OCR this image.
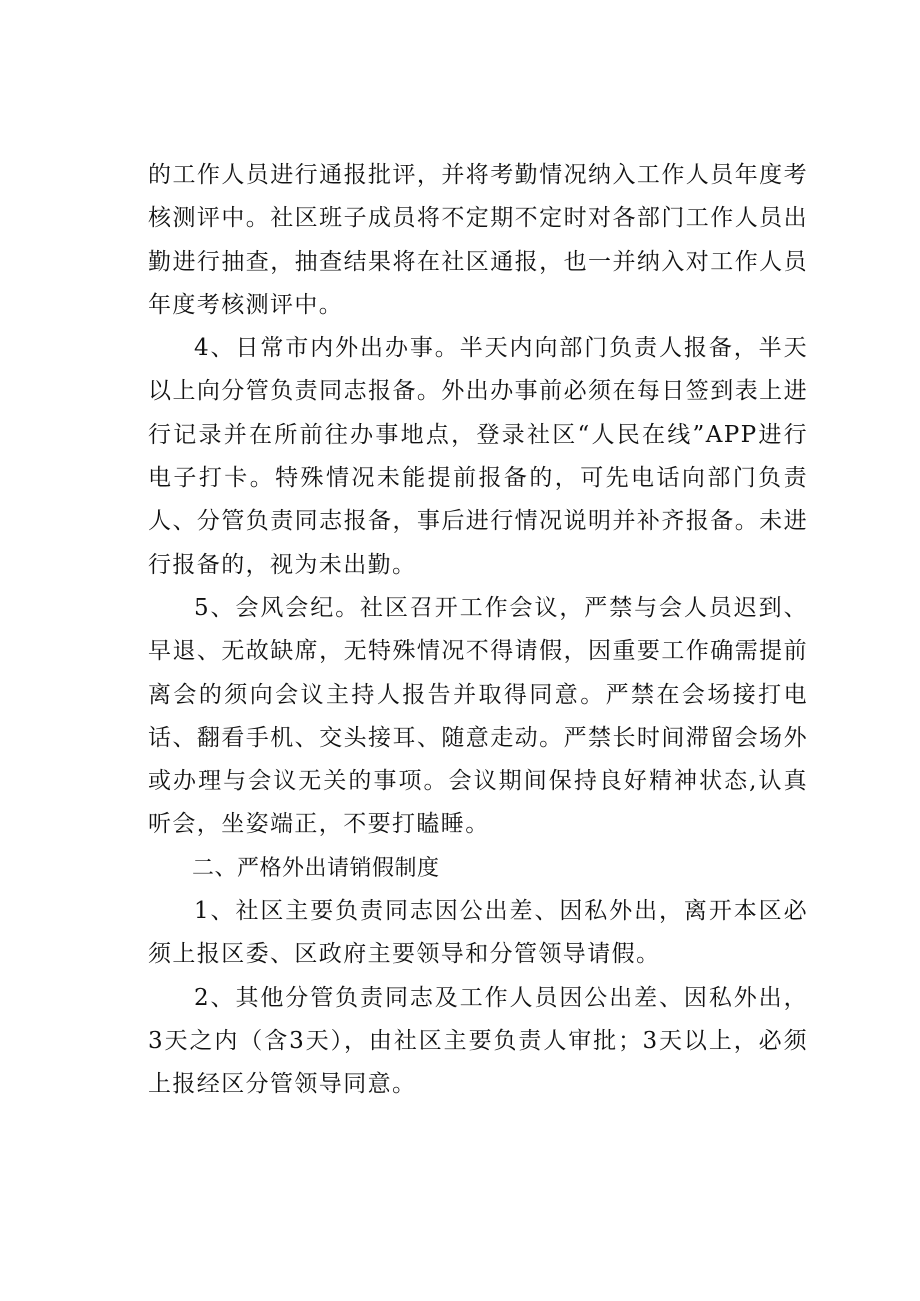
的工作人员进行通报批评，并将考勤情况纳入工作人员年度考核测评中。社区班子成员将不定期不定时对各部门工作人员出勤进行抽查，抽查结果将在社区通报，也一并纳入对工作人员年度考核测评中。

4、日常市内外出办事。半天内向部门负责人报备，半天以上向分管负责同志报备。外出办事前必须在每日签到表上进行记录并在所前往办事地点，登录社区“人民在线”APP进行电子打卡。特殊情况未能提前报备的，可先电话向部门负责人、分管负责同志报备，事后进行情况说明并补齐报备。未进行报备的，视为未出勤。

5、会风会纪。社区召开工作会议，严禁与会人员迟到、早退、无故缺席，无特殊情况不得请假，因重要工作确需提前离会的须向会议主持人报告并取得同意。严禁在会场接打电话、翻看手机、交头接耳、随意走动。严禁长时间滞留会场外或办理与会议无关的事项。会议期间保持良好精神状态,认真听会，坐姿端正，不要打瞌睡。

二、严格外出请销假制度

1、社区主要负责同志因公出差、因私外出，离开本区必须上报区委、区政府主要领导和分管领导请假。

2、其他分管负责同志及工作人员因公出差、因私外出，3天之内（含3天），由社区主要负责人审批；3天以上，必须上报经区分管领导同意。
